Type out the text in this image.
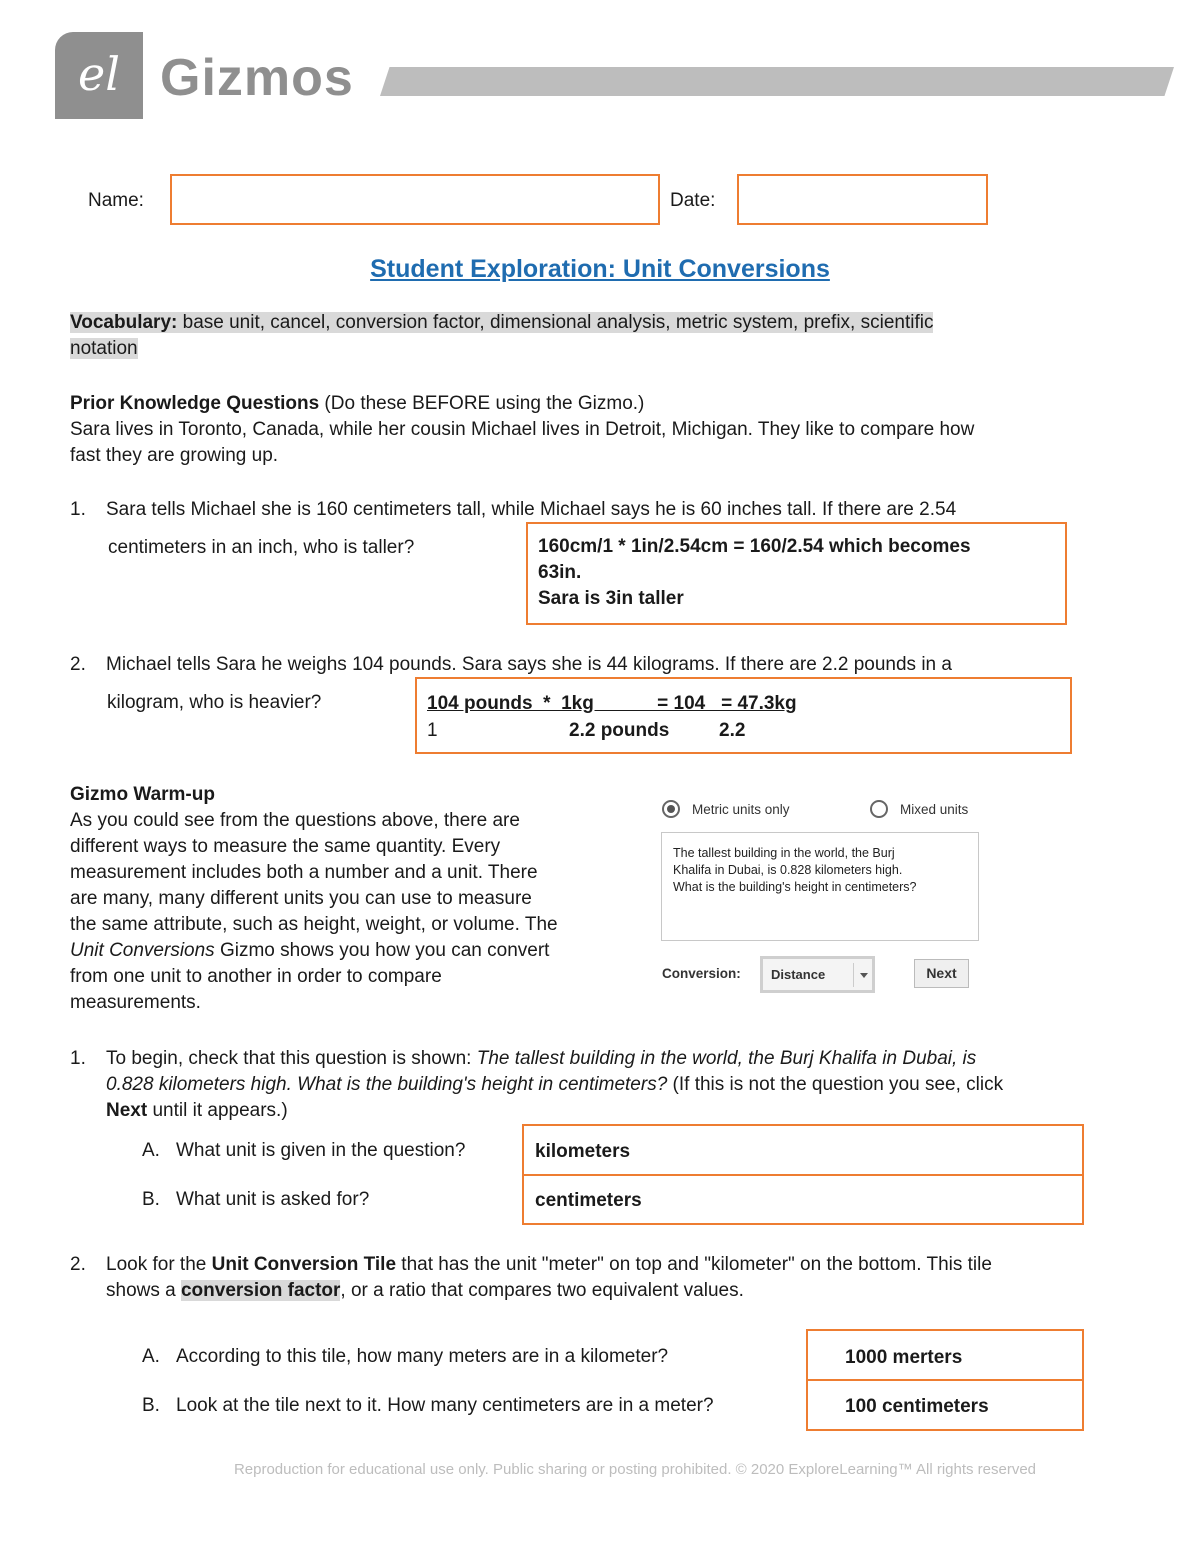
el Gizmos
Name:	Date:
Student Exploration: Unit Conversions
Vocabulary: base unit, cancel, conversion factor, dimensional analysis, metric system, prefix, scientific
notation
Prior Knowledge Questions (Do these BEFORE using the Gizmo.)
Sara lives in Toronto, Canada, while her cousin Michael lives in Detroit, Michigan. They like to compare how
fast they are growing up.
1. Sara tells Michael she is 160 centimeters tall, while Michael says he is 60 inches tall. If there are 2.54
centimeters in an inch, who is taller?	160cm/1 * 1in/2.54cm = 160/2.54 which becomes
63in.
Sara is 3in taller
2. Michael tells Sara he weighs 104 pounds. Sara says she is 44 kilograms. If there are 2.2 pounds in a
kilogram, who is heavier?	104 pounds  *  1kg            = 104   = 47.3kg
1	2.2 pounds	2.2
Gizmo Warm-up
As you could see from the questions above, there are
different ways to measure the same quantity. Every
measurement includes both a number and a unit. There
are many, many different units you can use to measure
the same attribute, such as height, weight, or volume. The
Unit Conversions Gizmo shows you how you can convert
from one unit to another in order to compare
measurements.
Metric units only	Mixed units
The tallest building in the world, the Burj
Khalifa in Dubai, is 0.828 kilometers high.
What is the building's height in centimeters?
Conversion: Distance	Next
1. To begin, check that this question is shown: The tallest building in the world, the Burj Khalifa in Dubai, is
0.828 kilometers high. What is the building's height in centimeters? (If this is not the question you see, click
Next until it appears.)
A. What unit is given in the question?	kilometers
B. What unit is asked for?	centimeters
2. Look for the Unit Conversion Tile that has the unit "meter" on top and "kilometer" on the bottom. This tile
shows a conversion factor, or a ratio that compares two equivalent values.
A. According to this tile, how many meters are in a kilometer?	1000 merters
B. Look at the tile next to it. How many centimeters are in a meter?	100 centimeters
Reproduction for educational use only. Public sharing or posting prohibited. © 2020 ExploreLearning™ All rights reserved
